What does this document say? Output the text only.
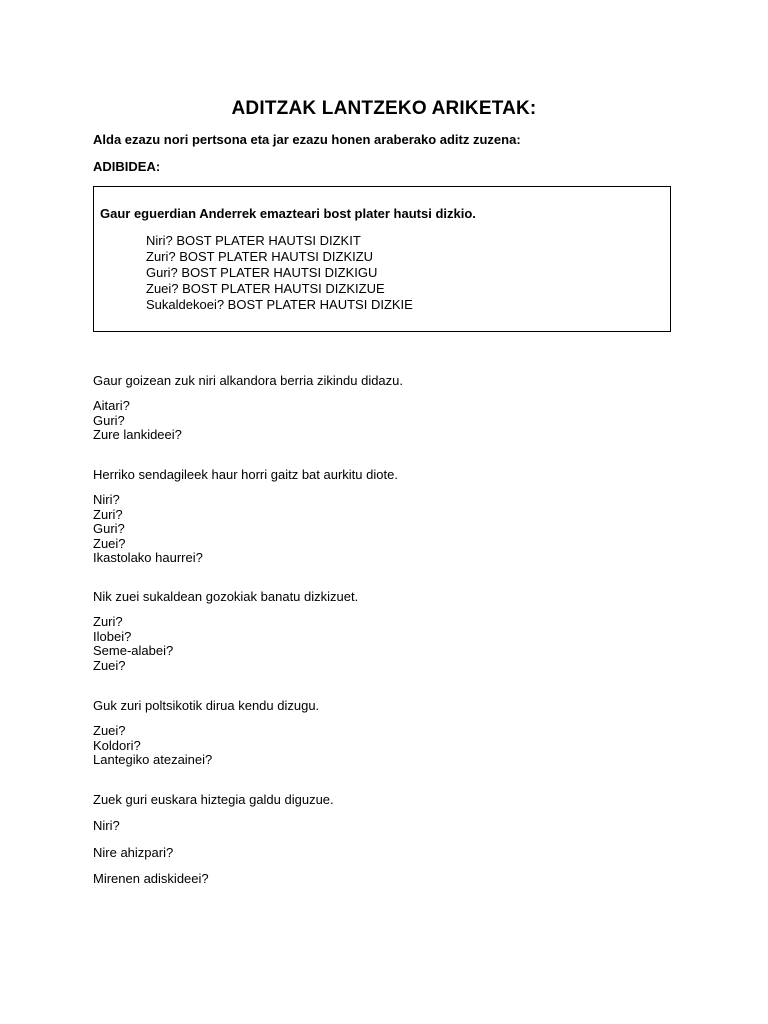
ADITZAK LANTZEKO ARIKETAK:

Alda ezazu nori pertsona eta jar ezazu honen araberako aditz zuzena:

ADIBIDEA:

Gaur eguerdian Anderrek emazteari bost plater hautsi dizkio.
Niri? BOST PLATER HAUTSI DIZKIT
Zuri? BOST PLATER HAUTSI DIZKIZU
Guri? BOST PLATER HAUTSI DIZKIGU
Zuei? BOST PLATER HAUTSI DIZKIZUE
Sukaldekoei? BOST PLATER HAUTSI DIZKIE

Gaur goizean zuk niri alkandora berria zikindu didazu.

Aitari?
Guri?
Zure lankideei?

Herriko sendagileek haur horri gaitz bat aurkitu diote.

Niri?
Zuri?
Guri?
Zuei?
Ikastolako haurrei?

Nik zuei sukaldean gozokiak banatu dizkizuet.

Zuri?
Ilobei?
Seme-alabei?
Zuei?

Guk zuri poltsikotik dirua kendu dizugu.

Zuei?
Koldori?
Lantegiko atezainei?

Zuek guri euskara hiztegia galdu diguzue.

Niri?

Nire ahizpari?

Mirenen adiskideei?
